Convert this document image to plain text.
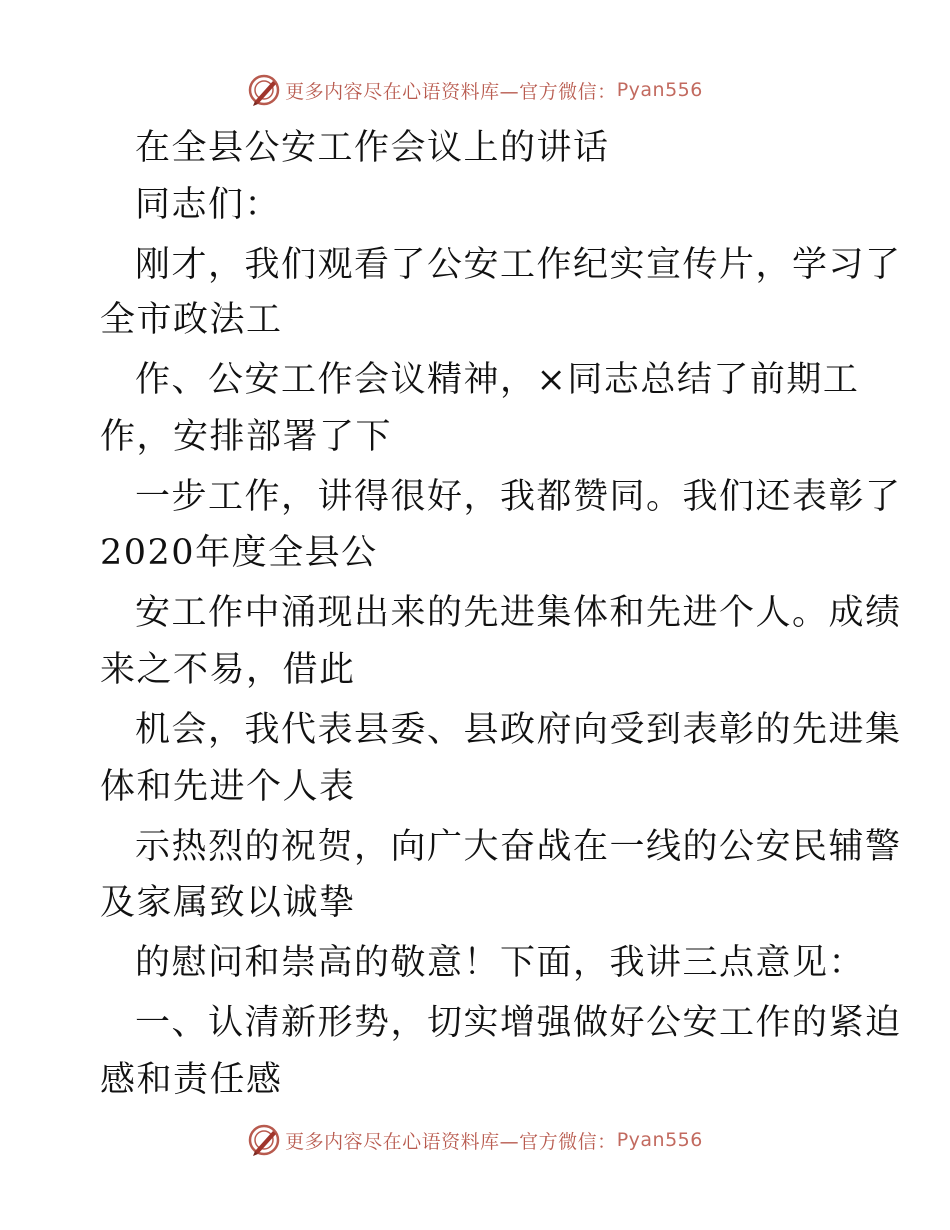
更多内容尽在心语资料库 —官方微信： Pyan556
在全县公安工作会议上的讲话
同志们：
刚才，我们观看了公安工作纪实宣传片，学习了
全市政法工
作、公安工作会议精神，×同志总结了前期工
作，安排部署了下
一步工作，讲得很好，我都赞同。我们还表彰了
2020年度全县公
安工作中涌现出来的先进集体和先进个人。成绩
来之不易，借此
机会，我代表县委、县政府向受到表彰的先进集
体和先进个人表
示热烈的祝贺，向广大奋战在一线的公安民辅警
及家属致以诚挚
的慰问和崇高的敬意！下面，我讲三点意见：
一、认清新形势，切实增强做好公安工作的紧迫
感和责任感
更多内容尽在心语资料库 —官方微信： Pyan556
